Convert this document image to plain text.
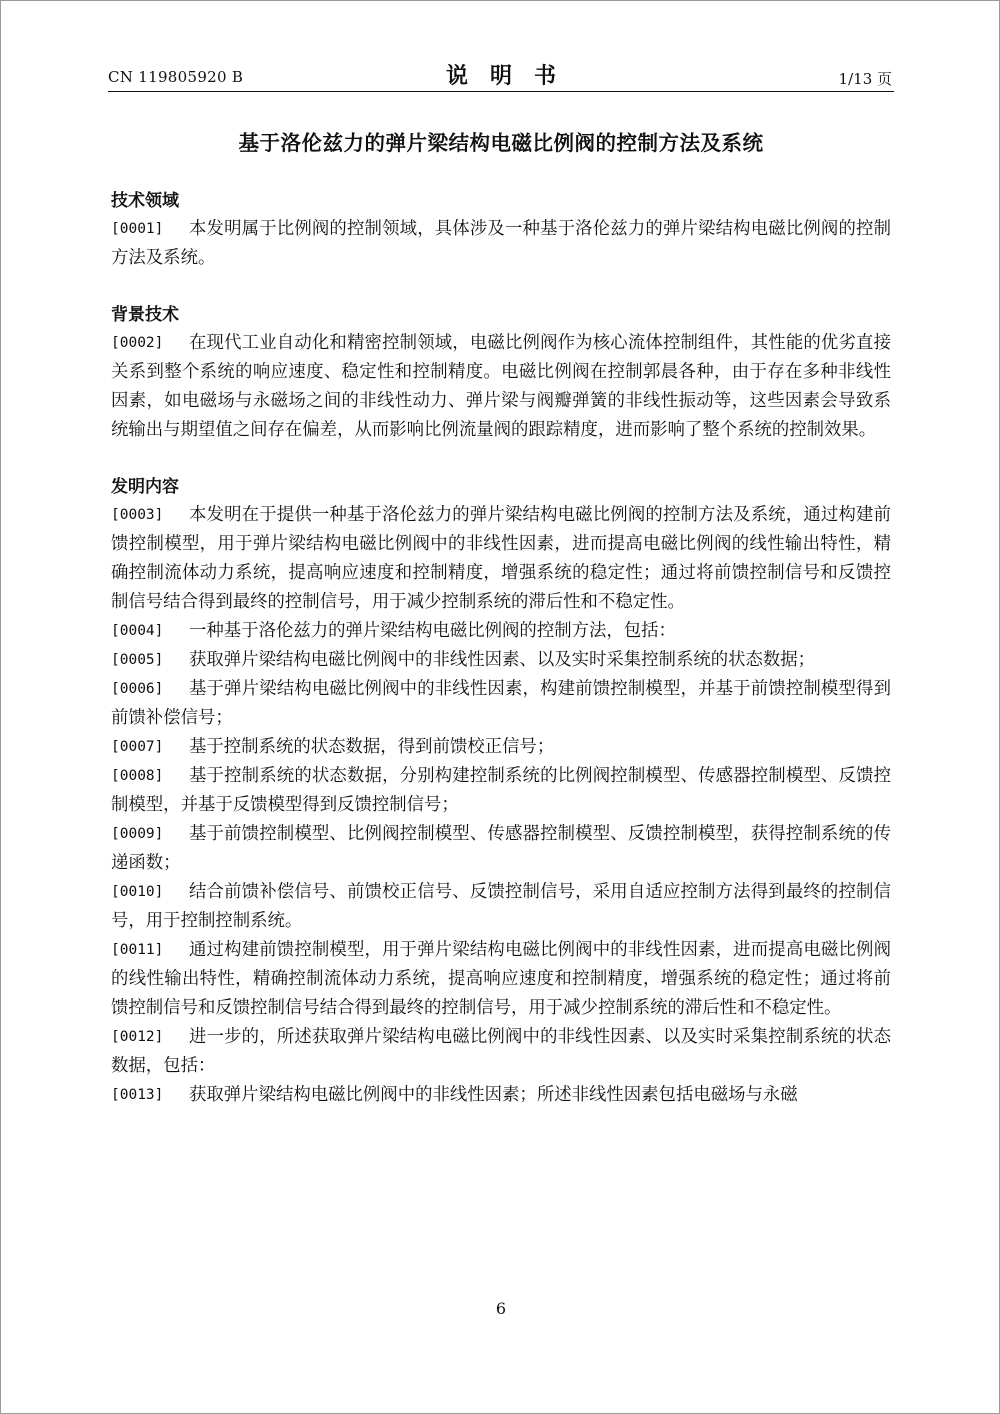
CN 119805920 B	说明书	1/13 页
基于洛伦兹力的弹片梁结构电磁比例阀的控制方法及系统
技术领域
[0001] 本发明属于比例阀的控制领域，具体涉及一种基于洛伦兹力的弹片梁结构电磁比例阀的控制方法及系统。
背景技术
[0002] 在现代工业自动化和精密控制领域，电磁比例阀作为核心流体控制组件，其性能的优劣直接关系到整个系统的响应速度、稳定性和控制精度。电磁比例阀在控制郭晨各种，由于存在多种非线性因素，如电磁场与永磁场之间的非线性动力、弹片梁与阀瓣弹簧的非线性振动等，这些因素会导致系统输出与期望值之间存在偏差，从而影响比例流量阀的跟踪精度，进而影响了整个系统的控制效果。
发明内容
[0003] 本发明在于提供一种基于洛伦兹力的弹片梁结构电磁比例阀的控制方法及系统，通过构建前馈控制模型，用于弹片梁结构电磁比例阀中的非线性因素，进而提高电磁比例阀的线性输出特性，精确控制流体动力系统，提高响应速度和控制精度，增强系统的稳定性；通过将前馈控制信号和反馈控制信号结合得到最终的控制信号，用于减少控制系统的滞后性和不稳定性。
[0004] 一种基于洛伦兹力的弹片梁结构电磁比例阀的控制方法，包括：
[0005] 获取弹片梁结构电磁比例阀中的非线性因素、以及实时采集控制系统的状态数据；
[0006] 基于弹片梁结构电磁比例阀中的非线性因素，构建前馈控制模型，并基于前馈控制模型得到前馈补偿信号；
[0007] 基于控制系统的状态数据，得到前馈校正信号；
[0008] 基于控制系统的状态数据，分别构建控制系统的比例阀控制模型、传感器控制模型、反馈控制模型，并基于反馈模型得到反馈控制信号；
[0009] 基于前馈控制模型、比例阀控制模型、传感器控制模型、反馈控制模型，获得控制系统的传递函数；
[0010] 结合前馈补偿信号、前馈校正信号、反馈控制信号，采用自适应控制方法得到最终的控制信号，用于控制控制系统。
[0011] 通过构建前馈控制模型，用于弹片梁结构电磁比例阀中的非线性因素，进而提高电磁比例阀的线性输出特性，精确控制流体动力系统，提高响应速度和控制精度，增强系统的稳定性；通过将前馈控制信号和反馈控制信号结合得到最终的控制信号，用于减少控制系统的滞后性和不稳定性。
[0012] 进一步的，所述获取弹片梁结构电磁比例阀中的非线性因素、以及实时采集控制系统的状态数据，包括：
[0013] 获取弹片梁结构电磁比例阀中的非线性因素；所述非线性因素包括电磁场与永磁
6
